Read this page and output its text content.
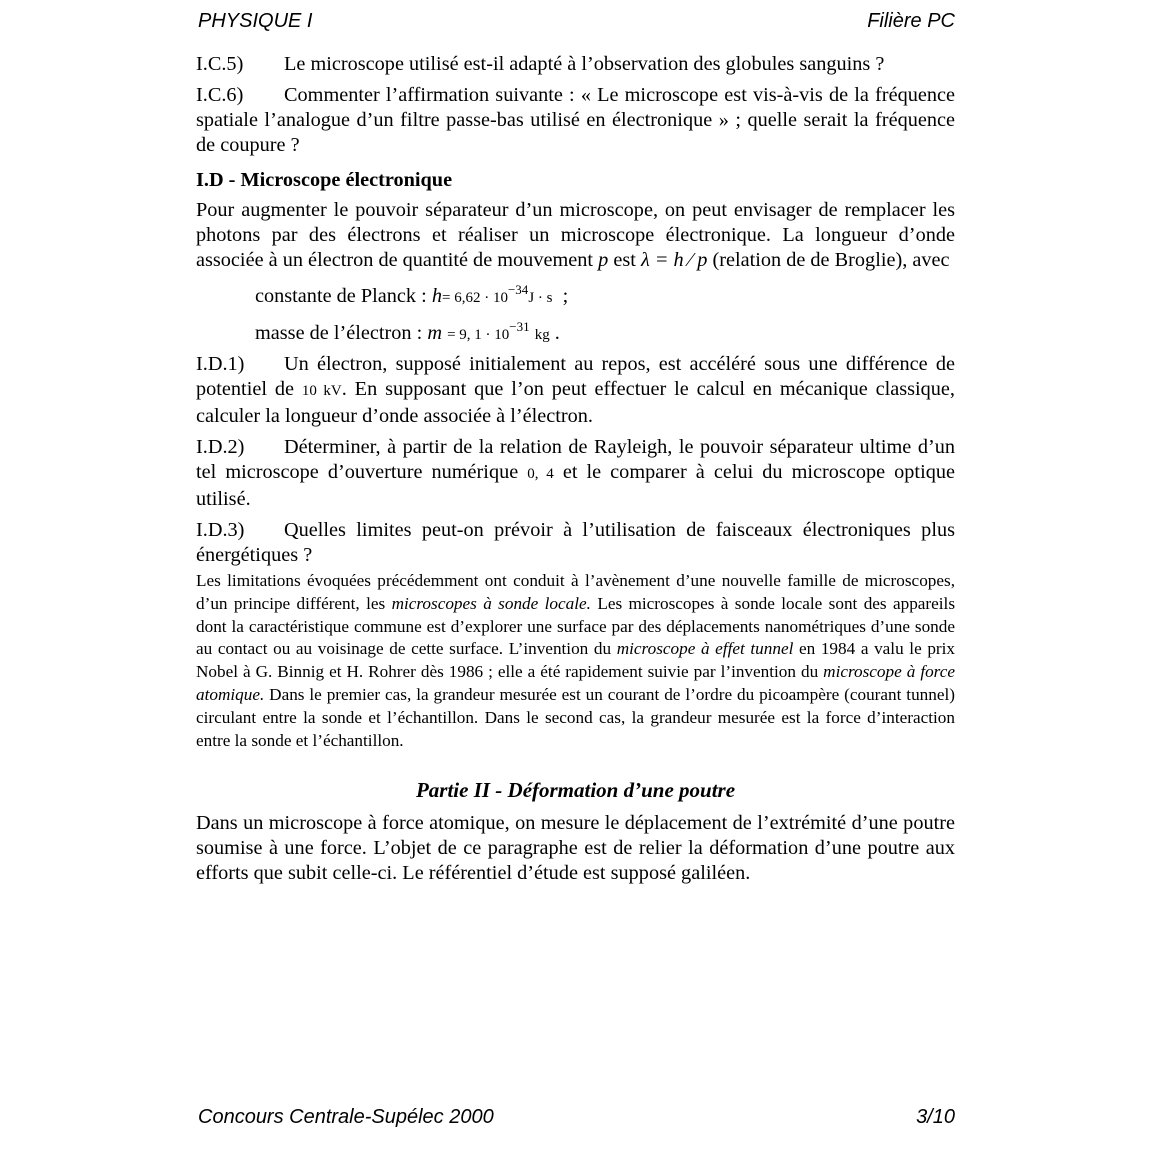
PHYSIQUE I	Filière PC

I.C.5) Le microscope utilisé est-il adapté à l’observation des globules sanguins ?

I.C.6) Commenter l’affirmation suivante : « Le microscope est vis-à-vis de la fréquence spatiale l’analogue d’un filtre passe-bas utilisé en électronique » ; quelle serait la fréquence de coupure ?

I.D - Microscope électronique

Pour augmenter le pouvoir séparateur d’un microscope, on peut envisager de remplacer les photons par des électrons et réaliser un microscope électronique. La longueur d’onde associée à un électron de quantité de mouvement p est λ = h ⁄ p (relation de de Broglie), avec

constante de Planck : $h= 6,62 \cdot 10^{-34}J \cdot s$ ;
masse de l’électron : m = 9, $1 \cdot 10^{-31}$ kg .

I.D.1) Un électron, supposé initialement au repos, est accéléré sous une différence de potentiel de 10 kV. En supposant que l’on peut effectuer le calcul en mécanique classique, calculer la longueur d’onde associée à l’électron.

I.D.2) Déterminer, à partir de la relation de Rayleigh, le pouvoir séparateur ultime d’un tel microscope d’ouverture numérique 0, 4 et le comparer à celui du microscope optique utilisé.

I.D.3) Quelles limites peut-on prévoir à l’utilisation de faisceaux électroniques plus énergétiques ?

Les limitations évoquées précédemment ont conduit à l’avènement d’une nouvelle famille de microscopes, d’un principe différent, les microscopes à sonde locale. Les microscopes à sonde locale sont des appareils dont la caractéristique commune est d’explorer une surface par des déplacements nanométriques d’une sonde au contact ou au voisinage de cette surface. L’invention du microscope à effet tunnel en 1984 a valu le prix Nobel à G. Binnig et H. Rohrer dès 1986 ; elle a été rapidement suivie par l’invention du microscope à force atomique. Dans le premier cas, la grandeur mesurée est un courant de l’ordre du picoampère (courant tunnel) circulant entre la sonde et l’échantillon. Dans le second cas, la grandeur mesurée est la force d’interaction entre la sonde et l’échantillon.

Partie II - Déformation d’une poutre

Dans un microscope à force atomique, on mesure le déplacement de l’extrémité d’une poutre soumise à une force. L’objet de ce paragraphe est de relier la déformation d’une poutre aux efforts que subit celle-ci. Le référentiel d’étude est supposé galiléen.

Concours Centrale-Supélec 2000	3/10
